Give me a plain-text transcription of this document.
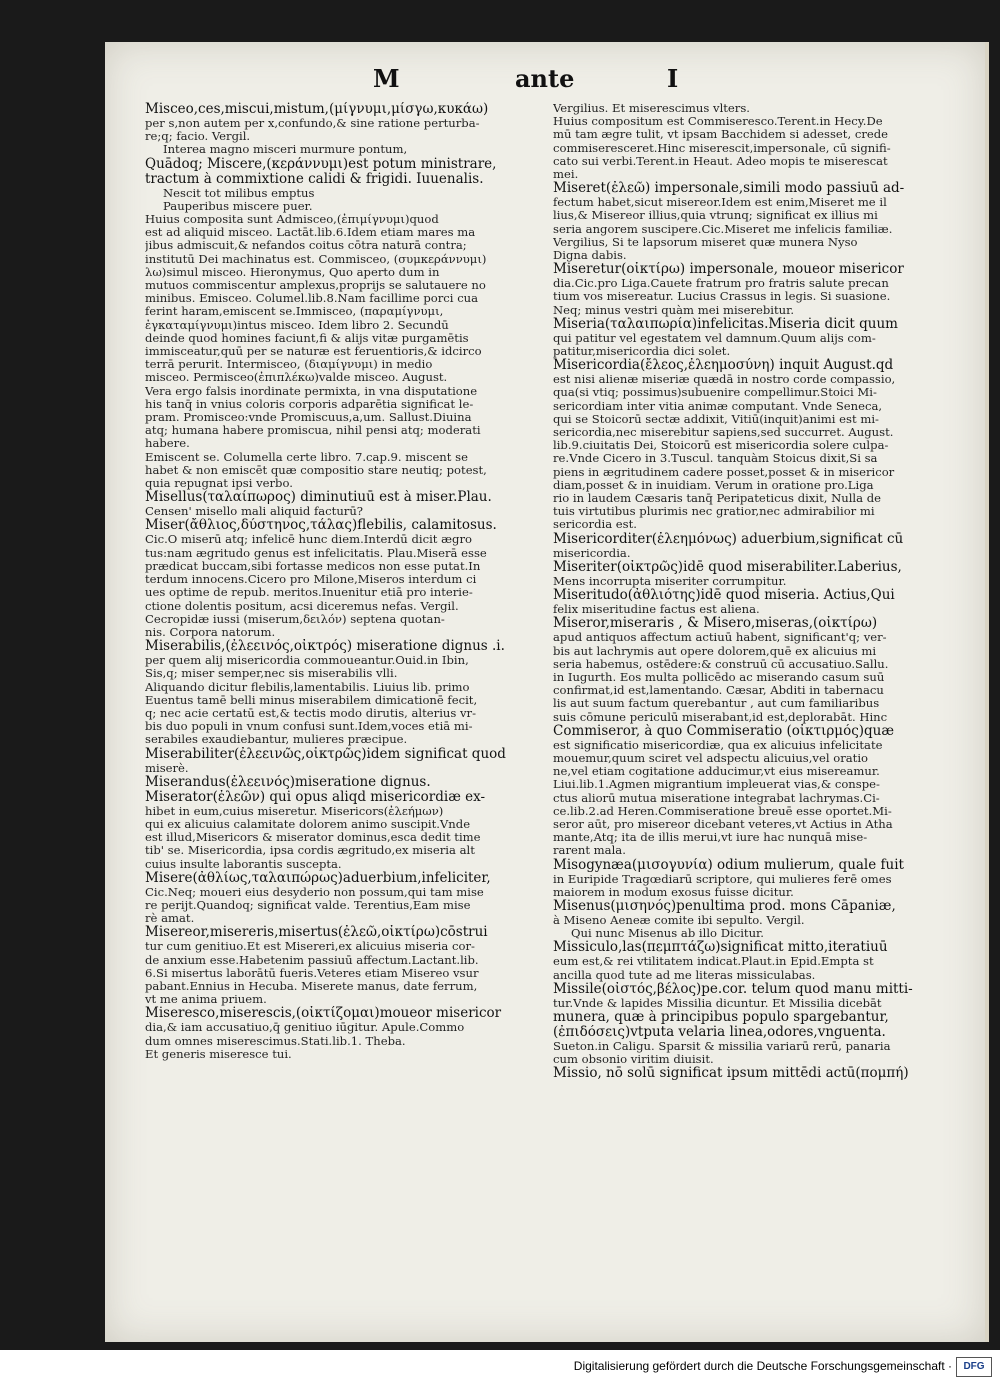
M	ante	I

Misceo,ces,miscui,mistum,(μίγνυμι,μίσγω,κυκάω)

per s,non autem per x,confundo,& sine ratione perturba-

re;q; facio. Vergil.

Interea magno misceri murmure pontum,

Quādoq; Miscere,(κεράννυμι)est potum ministrare,

tractum à commixtione calidi & frigidi. Iuuenalis.

Nescit tot milibus emptus

Pauperibus miscere puer.

Huius composita sunt Admisceo,(ἐπιμίγνυμι)quod

est ad aliquid misceo. Lactāt.lib.6.Idem etiam mares ma

jibus admiscuit,& nefandos coitus cōtra naturā contra;

institutū Dei machinatus est. Commisceo, (συμκεράννυμι)

λω)simul misceo. Hieronymus, Quo aperto dum in

mutuos commiscentur amplexus,proprijs se salutauere no

minibus. Emisceo. Columel.lib.8.Nam facillime porci cua

ferint haram,emiscent se.Immisceo, (παραμίγνυμι,

ἐγκαταμίγνυμι)intus misceo. Idem libro 2. Secundū

deinde quod homines faciunt,fi & alijs vitæ purgamētis

immisceatur,quū per se naturæ est feruentioris,& idcirco

terrā perurit. Intermisceo, (διαμίγνυμι) in medio

misceo. Permisceo(ἐπιπλέκω)valde misceo. August.

Vera ergo falsis inordinate permixta, in vna disputatione

his tanq̄ in vnius coloris corporis adparētia significat le-

pram. Promisceo:vnde Promiscuus,a,um. Sallust.Diuina

atq; humana habere promiscua, nihil pensi atq; moderati

habere.

Emiscent se. Columella certe libro. 7.cap.9. miscent se

habet & non emiscēt quæ compositio stare neutiq; potest,

quia repugnat ipsi verbo.

Misellus(ταλαίπωρος) diminutiuū est à miser.Plau.

Censen' misello mali aliquid facturū?

Miser(ἄθλιος,δύστηνος,τάλας)flebilis, calamitosus.

Cic.O miserū atq; infelicē hunc diem.Interdū dicit ægro

tus:nam ægritudo genus est infelicitatis. Plau.Miserā esse

prædicat buccam,sibi fortasse medicos non esse putat.In

terdum innocens.Cicero pro Milone,Miseros interdum ci

ues optime de repub. meritos.Inuenitur etiā pro interie-

ctione dolentis positum, acsi diceremus nefas. Vergil.

Cecropidæ iussi (miserum,δειλόν) septena quotan-

nis. Corpora natorum.

Miserabilis,(ἐλεεινός,οἰκτρός) miseratione dignus .i.

per quem alij misericordia commoueantur.Ouid.in Ibin,

Sis,q; miser semper,nec sis miserabilis vlli.

Aliquando dicitur flebilis,lamentabilis. Liuius lib. primo

Euentus tamē belli minus miserabilem dimicationē fecit,

q; nec acie certatū est,& tectis modo dirutis, alterius vr-

bis duo populi in vnum confusi sunt.Idem,voces etiā mi-

serabiles exaudiebantur, mulieres præcipue.

Miserabiliter(ἐλεεινῶς,οἰκτρῶς)idem significat quod

miserè.

Miserandus(ἐλεεινός)miseratione dignus.

Miserator(ἐλεῶν) qui opus aliqd misericordiæ ex-

hibet in eum,cuius miseretur. Misericors(ἐλεήμων)

qui ex alicuius calamitate dolorem animo suscipit.Vnde

est illud,Misericors & miserator dominus,esca dedit time

tib' se. Misericordia, ipsa cordis ægritudo,ex miseria alt

cuius insulte laborantis suscepta.

Misere(ἀθλίως,ταλαιπώρως)aduerbium,infeliciter,

Cic.Neq; moueri eius desyderio non possum,qui tam mise

re perijt.Quandoq; significat valde. Terentius,Eam mise

rè amat.

Misereor,misereris,misertus(ἐλεῶ,οἰκτίρω)cōstrui

tur cum genitiuo.Et est Misereri,ex alicuius miseria cor-

de anxium esse.Habetenim passiuū affectum.Lactant.lib.

6.Si misertus laborātū fueris.Veteres etiam Misereo vsur

pabant.Ennius in Hecuba. Miserete manus, date ferrum,

vt me anima priuem.

Miseresco,miserescis,(οἰκτίζομαι)moueor misericor

dia,& iam accusatiuo,q̄ genitiuo iūgitur. Apule.Commo

dum omnes miserescimus.Stati.lib.1. Theba.

Et generis miseresce tui.

Vergilius. Et miserescimus vlters.

Huius compositum est Commiseresco.Terent.in Hecy.De

mū tam ægre tulit, vt ipsam Bacchidem si adesset, crede

commiseresceret.Hinc miserescit,impersonale, cū signifi-

cato sui verbi.Terent.in Heaut. Adeo mopis te miserescat

mei.

Miseret(ἐλεῶ) impersonale,simili modo passiuū ad-

fectum habet,sicut misereor.Idem est enim,Miseret me il

lius,& Misereor illius,quia vtrunq; significat ex illius mi

seria angorem suscipere.Cic.Miseret me infelicis familiæ.

Vergilius, Si te lapsorum miseret quæ munera Nyso

Digna dabis.

Miseretur(οἰκτίρω) impersonale, moueor misericor

dia.Cic.pro Liga.Cauete fratrum pro fratris salute precan

tium vos misereatur. Lucius Crassus in legis. Si suasione.

Neq; minus vestri quàm mei miserebitur.

Miseria(ταλαιπωρία)infelicitas.Miseria dicit quum

qui patitur vel egestatem vel damnum.Quum alijs com-

patitur,misericordia dici solet.

Misericordia(ἔλεος,ἐλεημοσύνη) inquit August.qd

est nisi alienæ miseriæ quædā in nostro corde compassio,

qua(si vtiq; possimus)subuenire compellimur.Stoici Mi-

sericordiam inter vitia animæ computant. Vnde Seneca,

qui se Stoicorū sectæ addixit, Vitiū(inquit)animi est mi-

sericordia,nec miserebitur sapiens,sed succurret. August.

lib.9.ciuitatis Dei, Stoicorū est misericordia solere culpa-

re.Vnde Cicero in 3.Tuscul. tanquàm Stoicus dixit,Si sa

piens in ægritudinem cadere posset,posset & in misericor

diam,posset & in inuidiam. Verum in oratione pro.Liga

rio in laudem Cæsaris tanq̄ Peripateticus dixit, Nulla de

tuis virtutibus plurimis nec gratior,nec admirabilior mi

sericordia est.

Misericorditer(ἐλεημόνως) aduerbium,significat cū

misericordia.

Miseriter(οἰκτρῶς)idē quod miserabiliter.Laberius,

Mens incorrupta miseriter corrumpitur.

Miseritudo(ἀθλιότης)idē quod miseria. Actius,Qui

felix miseritudine factus est aliena.

Miseror,miseraris , & Misero,miseras,(οἰκτίρω)

apud antiquos affectum actiuū habent, significant'q; ver-

bis aut lachrymis aut opere dolorem,quē ex alicuius mi

seria habemus, ostēdere:& construū cū accusatiuo.Sallu.

in Iugurth. Eos multa pollicēdo ac miserando casum suū

confirmat,id est,lamentando. Cæsar, Abditi in tabernacu

lis aut suum factum querebantur , aut cum familiaribus

suis cōmune periculū miserabant,id est,deplorabāt. Hinc

Commiseror, à quo Commiseratio (οἰκτιρμός)quæ

est significatio misericordiæ, qua ex alicuius infelicitate

mouemur,quum sciret vel adspectu alicuius,vel oratio

ne,vel etiam cogitatione adducimur,vt eius misereamur.

Liui.lib.1.Agmen migrantium impleuerat vias,& conspe-

ctus aliorū mutua miseratione integrabat lachrymas.Ci-

ce.lib.2.ad Heren.Commiseratione breuē esse oportet.Mi-

seror aūt, pro misereor dicebant veteres,vt Actius in Atha

mante,Atq; ita de illis merui,vt iure hac nunquā mise-

rarent mala.

Misogynæa(μισογυνία) odium mulierum, quale fuit

in Euripide Tragœdiarū scriptore, qui mulieres ferē omes

maiorem in modum exosus fuisse dicitur.

Misenus(μισηνός)penultima prod. mons Cāpaniæ,

à Miseno Aeneæ comite ibi sepulto. Vergil.

Qui nunc Misenus ab illo Dicitur.

Missiculo,las(πεμπτάζω)significat mitto,iteratiuū

eum est,& rei vtilitatem indicat.Plaut.in Epid.Empta st

ancilla quod tute ad me literas missiculabas.

Missile(οἰστός,βέλος)pe.cor. telum quod manu mitti-

tur.Vnde & lapides Missilia dicuntur. Et Missilia dicebāt

munera, quæ à principibus populo spargebantur,

(ἐπιδόσεις)vtputa velaria linea,odores,vnguenta.

Sueton.in Caligu. Sparsit & missilia variarū rerū, panaria

cum obsonio viritim diuisit.

Missio, nō solū significat ipsum mittēdi actū(πομπή)

Digitalisierung gefördert durch die Deutsche Forschungsgemeinschaft ·	DFG
